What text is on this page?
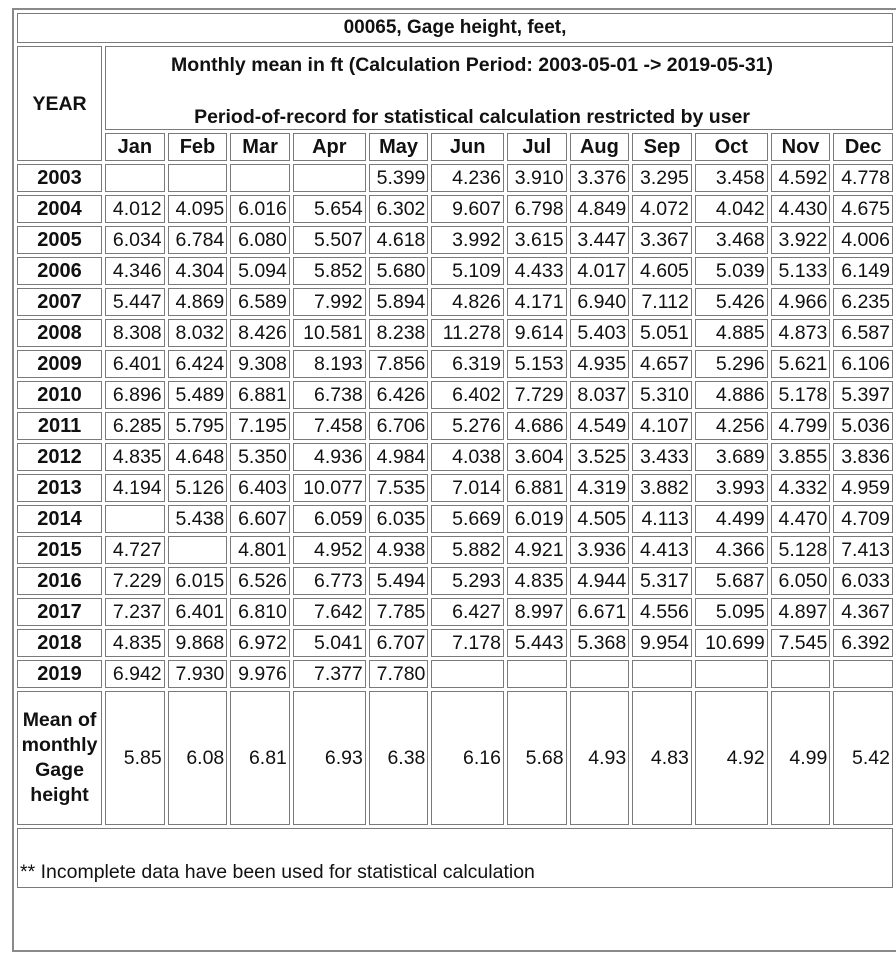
00065, Gage height, feet,												
YEAR	Monthly mean in ft (Calculation Period: 2003-05-01 -> 2019-05-31)
Period-of-record for statistical calculation restricted by user											

	Jan	Feb	Mar	Apr	May	Jun	Jul	Aug	Sep	Oct	Nov	Dec
2003					5.399	4.236	3.910	3.376	3.295	3.458	4.592	4.778
2004	4.012	4.095	6.016	5.654	6.302	9.607	6.798	4.849	4.072	4.042	4.430	4.675
2005	6.034	6.784	6.080	5.507	4.618	3.992	3.615	3.447	3.367	3.468	3.922	4.006
2006	4.346	4.304	5.094	5.852	5.680	5.109	4.433	4.017	4.605	5.039	5.133	6.149
2007	5.447	4.869	6.589	7.992	5.894	4.826	4.171	6.940	7.112	5.426	4.966	6.235
2008	8.308	8.032	8.426	10.581	8.238	11.278	9.614	5.403	5.051	4.885	4.873	6.587
2009	6.401	6.424	9.308	8.193	7.856	6.319	5.153	4.935	4.657	5.296	5.621	6.106
2010	6.896	5.489	6.881	6.738	6.426	6.402	7.729	8.037	5.310	4.886	5.178	5.397
2011	6.285	5.795	7.195	7.458	6.706	5.276	4.686	4.549	4.107	4.256	4.799	5.036
2012	4.835	4.648	5.350	4.936	4.984	4.038	3.604	3.525	3.433	3.689	3.855	3.836
2013	4.194	5.126	6.403	10.077	7.535	7.014	6.881	4.319	3.882	3.993	4.332	4.959
2014		5.438	6.607	6.059	6.035	5.669	6.019	4.505	4.113	4.499	4.470	4.709
2015	4.727		4.801	4.952	4.938	5.882	4.921	3.936	4.413	4.366	5.128	7.413
2016	7.229	6.015	6.526	6.773	5.494	5.293	4.835	4.944	5.317	5.687	6.050	6.033
2017	7.237	6.401	6.810	7.642	7.785	6.427	8.997	6.671	4.556	5.095	4.897	4.367
2018	4.835	9.868	6.972	5.041	6.707	7.178	5.443	5.368	9.954	10.699	7.545	6.392
2019	6.942	7.930	9.976	7.377	7.780							
Mean of monthly Gage height	5.85	6.08	6.81	6.93	6.38	6.16	5.68	4.93	4.83	4.92	4.99	5.42
** Incomplete data have been used for statistical calculation												
